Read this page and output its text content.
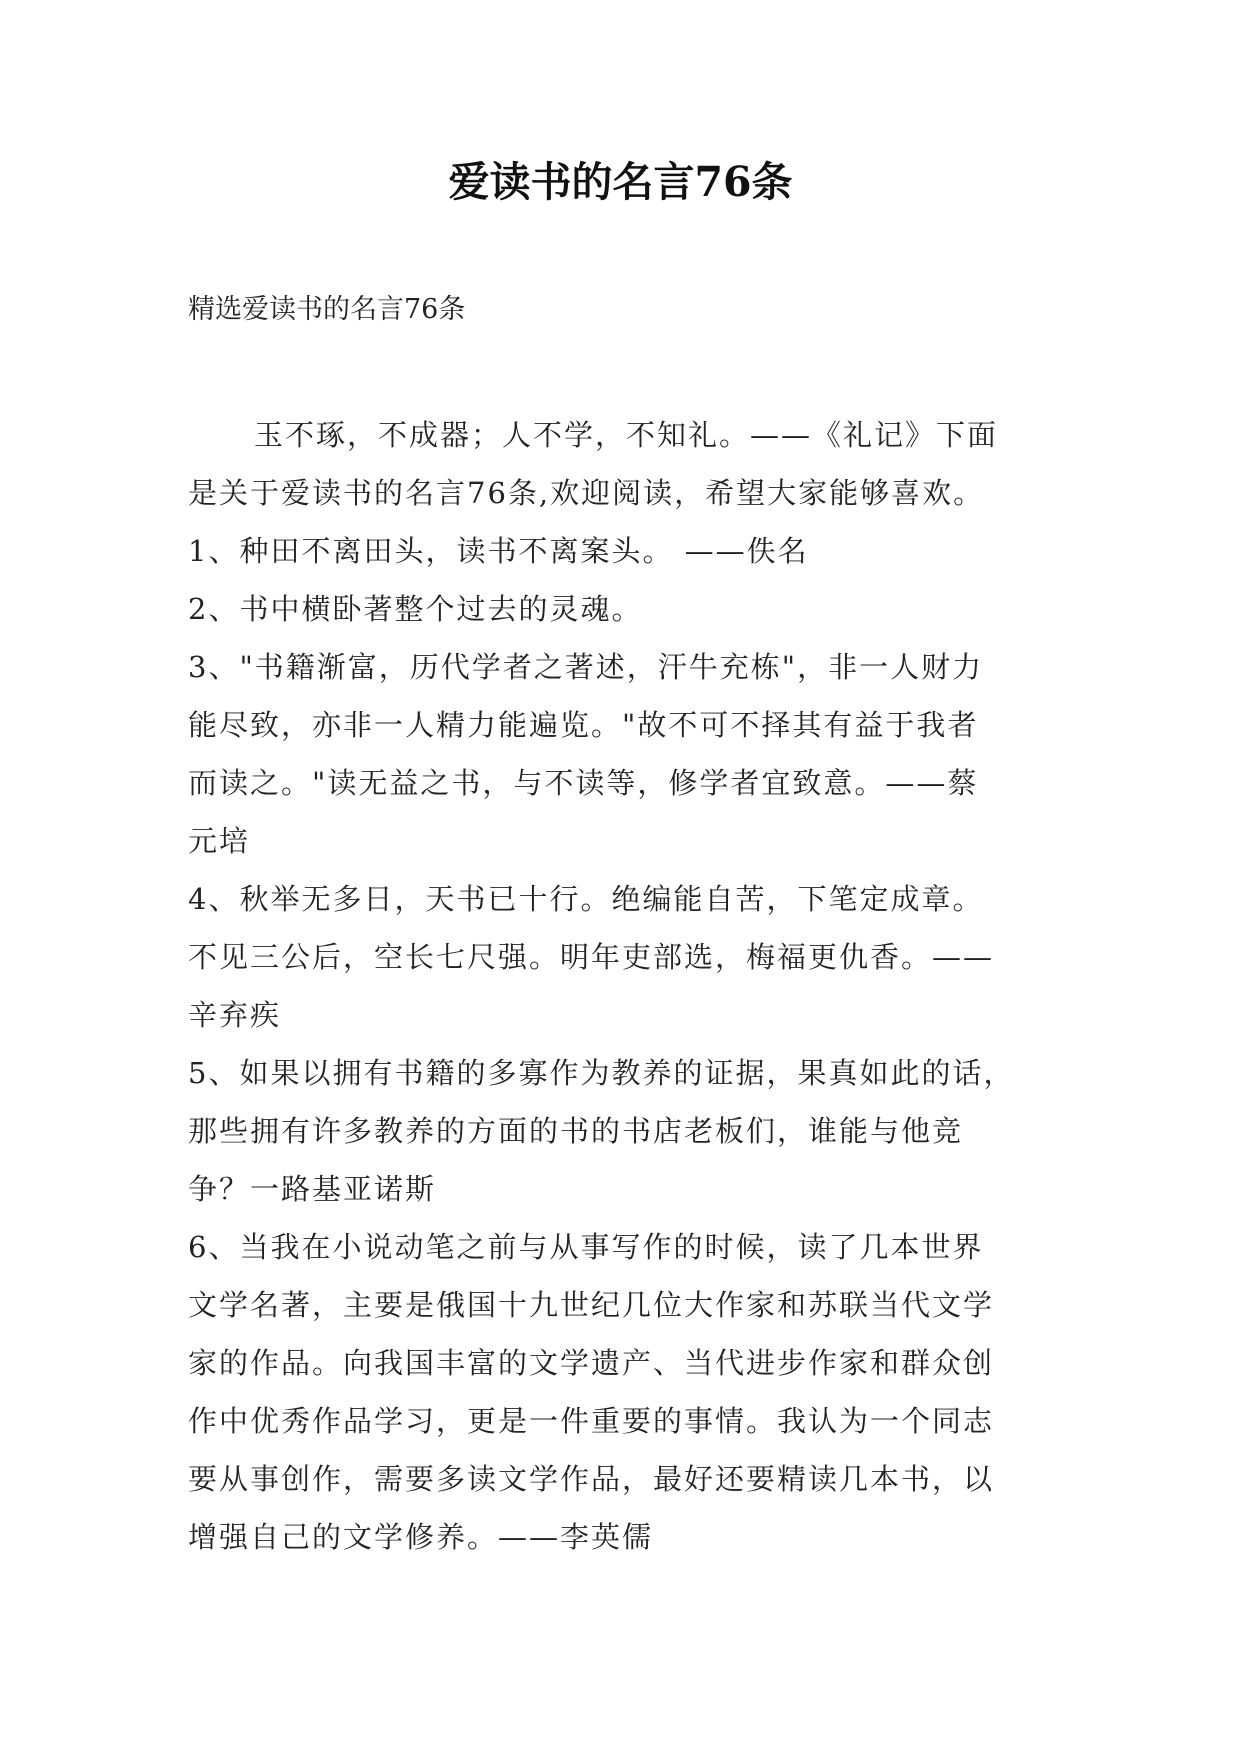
爱读书的名言76条
精选爱读书的名言76条
玉不琢，不成器；人不学，不知礼。——《礼记》下面
是关于爱读书的名言76条,欢迎阅读，希望大家能够喜欢。
1、种田不离田头，读书不离案头。 ——佚名
2、书中横卧著整个过去的灵魂。
3、"书籍渐富，历代学者之著述，汗牛充栋"，非一人财力
能尽致，亦非一人精力能遍览。"故不可不择其有益于我者
而读之。"读无益之书，与不读等，修学者宜致意。——蔡
元培
4、秋举无多日，天书已十行。绝编能自苦，下笔定成章。
不见三公后，空长七尺强。明年吏部选，梅福更仇香。——
辛弃疾
5、如果以拥有书籍的多寡作为教养的证据，果真如此的话，
那些拥有许多教养的方面的书的书店老板们，谁能与他竞
争？一路基亚诺斯
6、当我在小说动笔之前与从事写作的时候，读了几本世界
文学名著，主要是俄国十九世纪几位大作家和苏联当代文学
家的作品。向我国丰富的文学遗产、当代进步作家和群众创
作中优秀作品学习，更是一件重要的事情。我认为一个同志
要从事创作，需要多读文学作品，最好还要精读几本书，以
增强自己的文学修养。——李英儒
